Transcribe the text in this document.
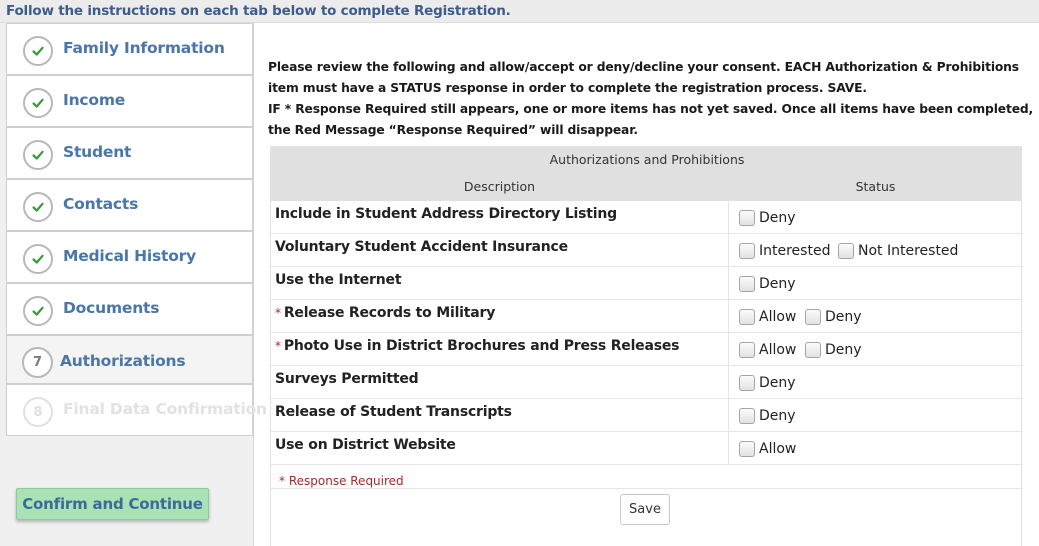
Follow the instructions on each tab below to complete Registration.
Family Information
Income
Student
Contacts
Medical History
Documents
7 Authorizations
8 Final Data Confirmation
Confirm and Continue

Please review the following and allow/accept or deny/decline your consent. EACH Authorization & Prohibitions

item must have a STATUS response in order to complete the registration process. SAVE.

IF * Response Required still appears, one or more items has not yet saved. Once all items have been completed,

the Red Message “Response Required” will disappear.

Authorizations and Prohibitions
Description	Status
Include in Student Address Directory Listing	Deny
Voluntary Student Accident Insurance	Interested Not Interested
Use the Internet	Deny
* Release Records to Military	Allow Deny
* Photo Use in District Brochures and Press Releases	Allow Deny
Surveys Permitted	Deny
Release of Student Transcripts	Deny
Use on District Website	Allow
* Response Required
Save
